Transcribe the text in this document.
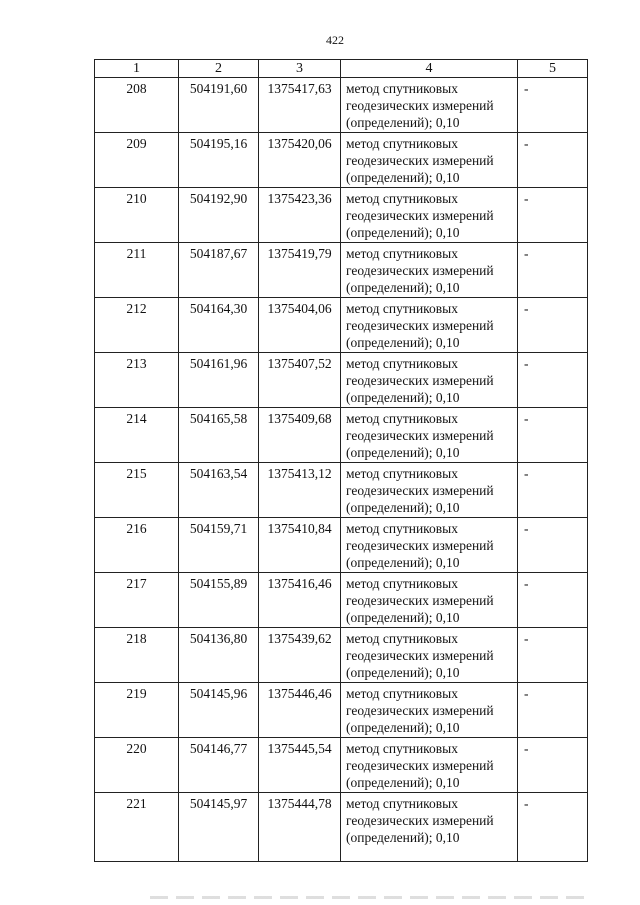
422
1	2	3	4	5
208	504191,60	1375417,63	метод спутниковых геодезических измерений (определений); 0,10	-
209	504195,16	1375420,06	метод спутниковых геодезических измерений (определений); 0,10	-
210	504192,90	1375423,36	метод спутниковых геодезических измерений (определений); 0,10	-
211	504187,67	1375419,79	метод спутниковых геодезических измерений (определений); 0,10	-
212	504164,30	1375404,06	метод спутниковых геодезических измерений (определений); 0,10	-
213	504161,96	1375407,52	метод спутниковых геодезических измерений (определений); 0,10	-
214	504165,58	1375409,68	метод спутниковых геодезических измерений (определений); 0,10	-
215	504163,54	1375413,12	метод спутниковых геодезических измерений (определений); 0,10	-
216	504159,71	1375410,84	метод спутниковых геодезических измерений (определений); 0,10	-
217	504155,89	1375416,46	метод спутниковых геодезических измерений (определений); 0,10	-
218	504136,80	1375439,62	метод спутниковых геодезических измерений (определений); 0,10	-
219	504145,96	1375446,46	метод спутниковых геодезических измерений (определений); 0,10	-
220	504146,77	1375445,54	метод спутниковых геодезических измерений (определений); 0,10	-
221	504145,97	1375444,78	метод спутниковых геодезических измерений (определений); 0,10	-
